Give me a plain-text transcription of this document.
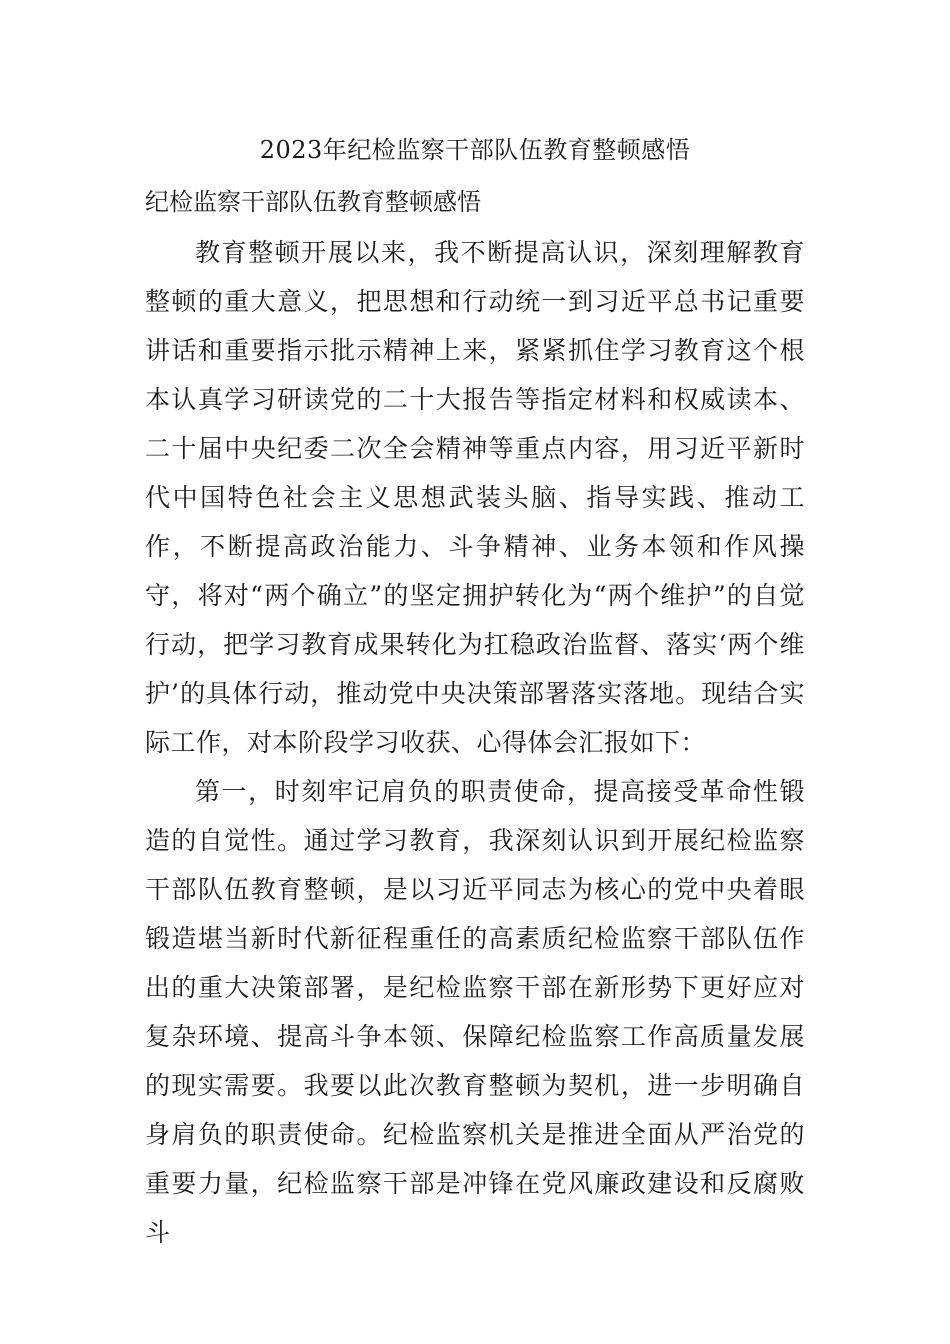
2023年纪检监察干部队伍教育整顿感悟
纪检监察干部队伍教育整顿感悟

教育整顿开展以来，我不断提高认识，深刻理解教育整顿的重大意义，把思想和行动统一到习近平总书记重要讲话和重要指示批示精神上来，紧紧抓住学习教育这个根本认真学习研读党的二十大报告等指定材料和权威读本、二十届中央纪委二次全会精神等重点内容，用习近平新时代中国特色社会主义思想武装头脑、指导实践、推动工作，不断提高政治能力、斗争精神、业务本领和作风操守，将对“两个确立”的坚定拥护转化为“两个维护”的自觉行动，把学习教育成果转化为扛稳政治监督、落实‘两个维护’的具体行动，推动党中央决策部署落实落地。现结合实际工作，对本阶段学习收获、心得体会汇报如下：

第一，时刻牢记肩负的职责使命，提高接受革命性锻造的自觉性。通过学习教育，我深刻认识到开展纪检监察干部队伍教育整顿，是以习近平同志为核心的党中央着眼锻造堪当新时代新征程重任的高素质纪检监察干部队伍作出的重大决策部署，是纪检监察干部在新形势下更好应对复杂环境、提高斗争本领、保障纪检监察工作高质量发展的现实需要。我要以此次教育整顿为契机，进一步明确自身肩负的职责使命。纪检监察机关是推进全面从严治党的重要力量，纪检监察干部是冲锋在党风廉政建设和反腐败斗
